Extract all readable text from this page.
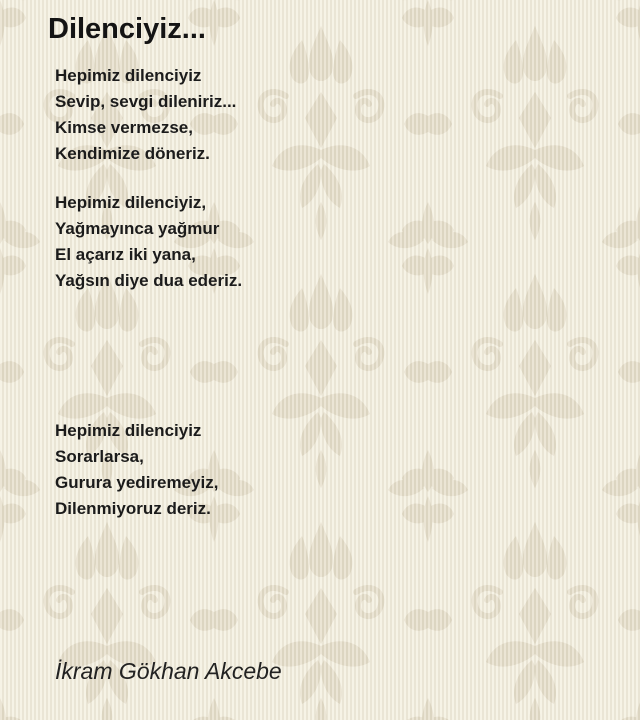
Dilenciyiz...
Hepimiz dilenciyiz
Sevip, sevgi dileniriz...
Kimse vermezse,
Kendimize döneriz.
Hepimiz dilenciyiz,
Yağmayınca yağmur
El açarız iki yana,
Yağsın diye dua ederiz.
Hepimiz dilenciyiz
Sorarlarsa,
Gurura yediremeyiz,
Dilenmiyoruz deriz.
İkram Gökhan Akcebe
